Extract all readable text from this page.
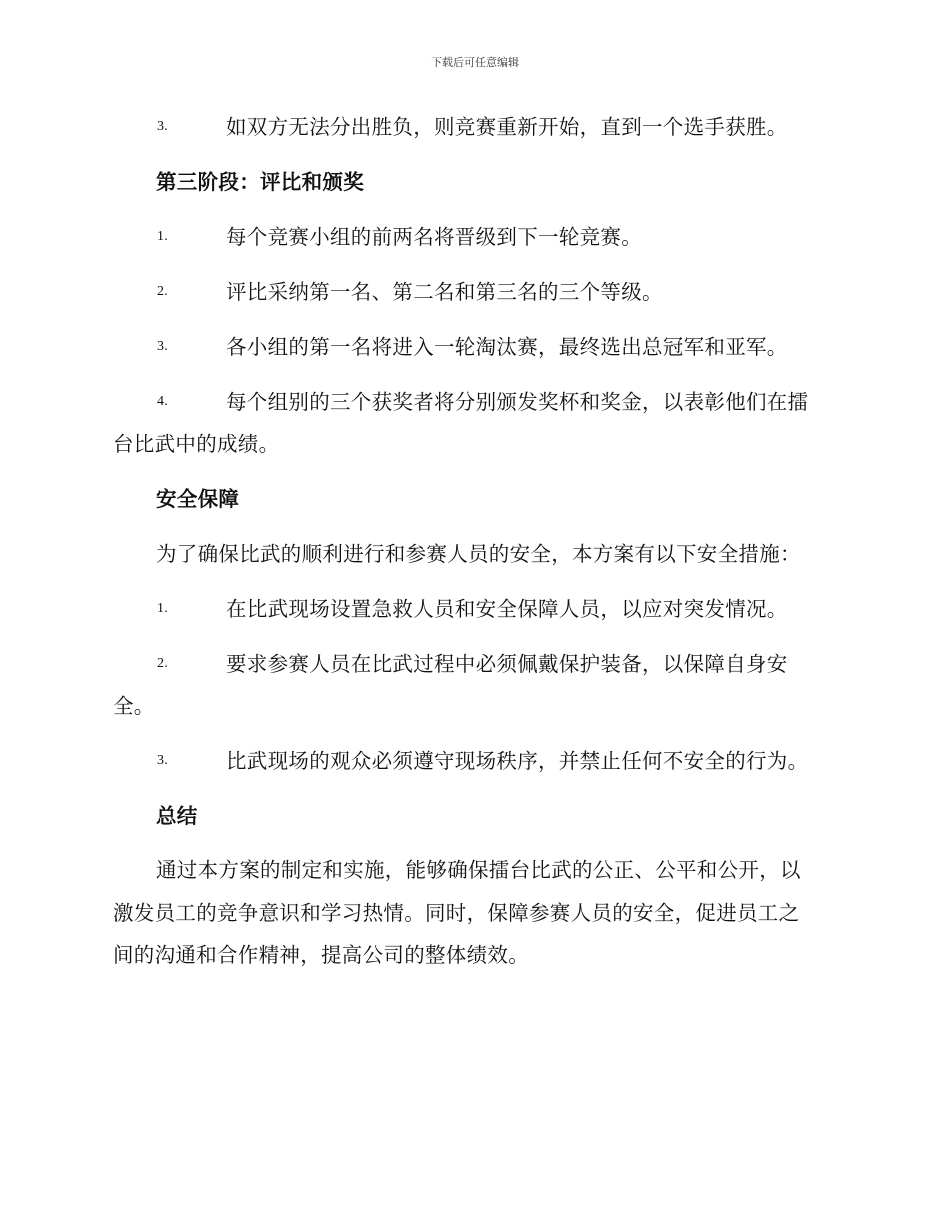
下载后可任意编辑
3.	如双方无法分出胜负，则竞赛重新开始，直到一个选手获胜。
第三阶段：评比和颁奖
1.	每个竞赛小组的前两名将晋级到下一轮竞赛。
2.	评比采纳第一名、第二名和第三名的三个等级。
3.	各小组的第一名将进入一轮淘汰赛，最终选出总冠军和亚军。
4.	每个组别的三个获奖者将分别颁发奖杯和奖金，以表彰他们在擂
台比武中的成绩。
安全保障
为了确保比武的顺利进行和参赛人员的安全，本方案有以下安全措施：
1.	在比武现场设置急救人员和安全保障人员，以应对突发情况。
2.	要求参赛人员在比武过程中必须佩戴保护装备，以保障自身安
全。
3.	比武现场的观众必须遵守现场秩序，并禁止任何不安全的行为。
总结
通过本方案的制定和实施，能够确保擂台比武的公正、公平和公开，以
激发员工的竞争意识和学习热情。同时，保障参赛人员的安全，促进员工之
间的沟通和合作精神，提高公司的整体绩效。
